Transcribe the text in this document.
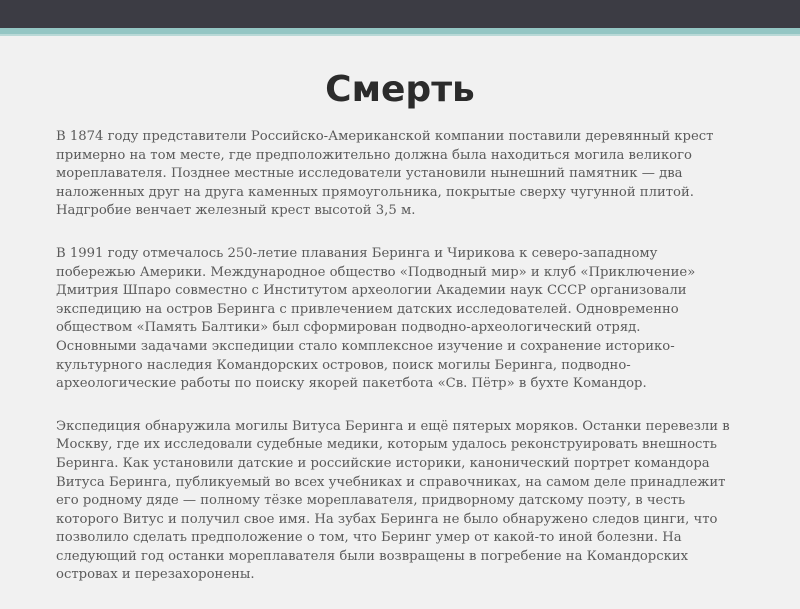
Смерть

В 1874 году представители Российско-Американской компании поставили деревянный крест
примерно на том месте, где предположительно должна была находиться могила великого
мореплавателя. Позднее местные исследователи установили нынешний памятник — два
наложенных друг на друга каменных прямоугольника, покрытые сверху чугунной плитой.
Надгробие венчает железный крест высотой 3,5 м.

В 1991 году отмечалось 250-летие плавания Беринга и Чирикова к северо-западному
побережью Америки. Международное общество «Подводный мир» и клуб «Приключение»
Дмитрия Шпаро совместно с Институтом археологии Академии наук СССР организовали
экспедицию на остров Беринга с привлечением датских исследователей. Одновременно
обществом «Память Балтики» был сформирован подводно-археологический отряд.
Основными задачами экспедиции стало комплексное изучение и сохранение историко-
культурного наследия Командорских островов, поиск могилы Беринга, подводно-
археологические работы по поиску якорей пакетбота «Св. Пётр» в бухте Командор.

Экспедиция обнаружила могилы Витуса Беринга и ещё пятерых моряков. Останки перевезли в
Москву, где их исследовали судебные медики, которым удалось реконструировать внешность
Беринга. Как установили датские и российские историки, канонический портрет командора
Витуса Беринга, публикуемый во всех учебниках и справочниках, на самом деле принадлежит
его родному дяде — полному тёзке мореплавателя, придворному датскому поэту, в честь
которого Витус и получил свое имя. На зубах Беринга не было обнаружено следов цинги, что
позволило сделать предположение о том, что Беринг умер от какой-то иной болезни. На
следующий год останки мореплавателя были возвращены в погребение на Командорских
островах и перезахоронены.
